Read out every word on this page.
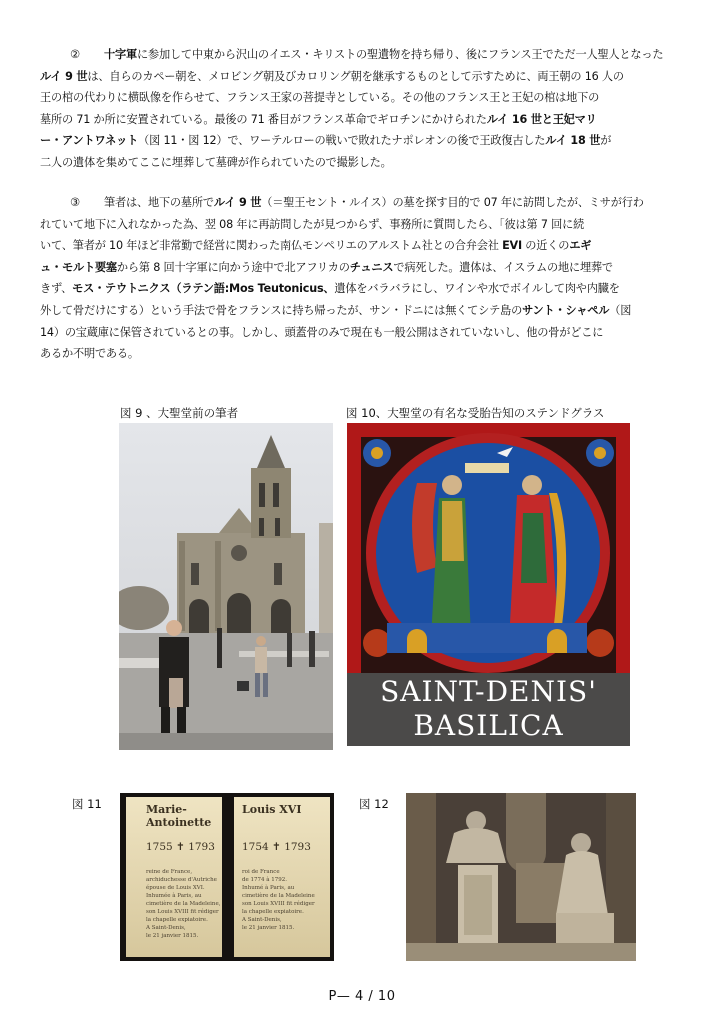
②	十字軍に参加して中東から沢山のイエス・キリストの聖遺物を持ち帰り、後にフランス王でただ一人聖人となった
ルイ 9 世は、自らのカペー朝を、メロビング朝及びカロリング朝を継承するものとして示すために、両王朝の 16 人の
王の棺の代わりに横臥像を作らせて、フランス王家の菩提寺としている。その他のフランス王と王妃の棺は地下の
墓所の 71 か所に安置されている。最後の 71 番目がフランス革命でギロチンにかけられたルイ 16 世と王妃マリ
ー・アントワネット（図 11・図 12）で、ワーテルローの戦いで敗れたナポレオンの後で王政復古したルイ 18 世が
二人の遺体を集めてここに埋葬して墓碑が作られていたので撮影した。
③	筆者は、地下の墓所でルイ 9 世（＝聖王セント・ルイス）の墓を探す目的で 07 年に訪問したが、ミサが行わ
れていて地下に入れなかった為、翌 08 年に再訪問したが見つからず、事務所に質問したら、「彼は第 7 回に続
いて、筆者が 10 年ほど非常勤で経営に関わった南仏モンペリエのアルストム社との合弁会社 EVI の近くのエギ
ュ・モルト要塞から第 8 回十字軍に向かう途中で北アフリカのチュニスで病死した。遺体は、イスラムの地に埋葬で
きず、モス・テウトニクス（ラテン語:Mos Teutonicus、遺体をバラバラにし、ワインや水でボイルして肉や内臓を
外して骨だけにする）という手法で骨をフランスに持ち帰ったが、サン・ドニには無くてシテ島のサント・シャペル（図
14）の宝蔵庫に保管されているとの事。しかし、頭蓋骨のみで現在も一般公開はされていないし、他の骨がどこに
あるか不明である。
図 9 、大聖堂前の筆者	図 10、大聖堂の有名な受胎告知のステンドグラス
SAINT-DENIS'
BASILICA
図 11	図 12
Marie-
Antoinette
1755 ✝ 1793
reine de France,
archiduchesse d'Autriche
épouse de Louis XVI.
Inhumée à Paris, au
cimetière de la Madeleine,
son Louis XVIII fit rédiger
la chapelle expiatoire.
A Saint-Denis,
le 21 janvier 1815.
Louis XVI
1754 ✝ 1793
roi de France
de 1774 à 1792.
Inhumé à Paris, au
cimetière de la Madeleine
son Louis XVIII fit rédiger
la chapelle expiatoire.
A Saint-Denis,
le 21 janvier 1815.
P— 4 / 10
